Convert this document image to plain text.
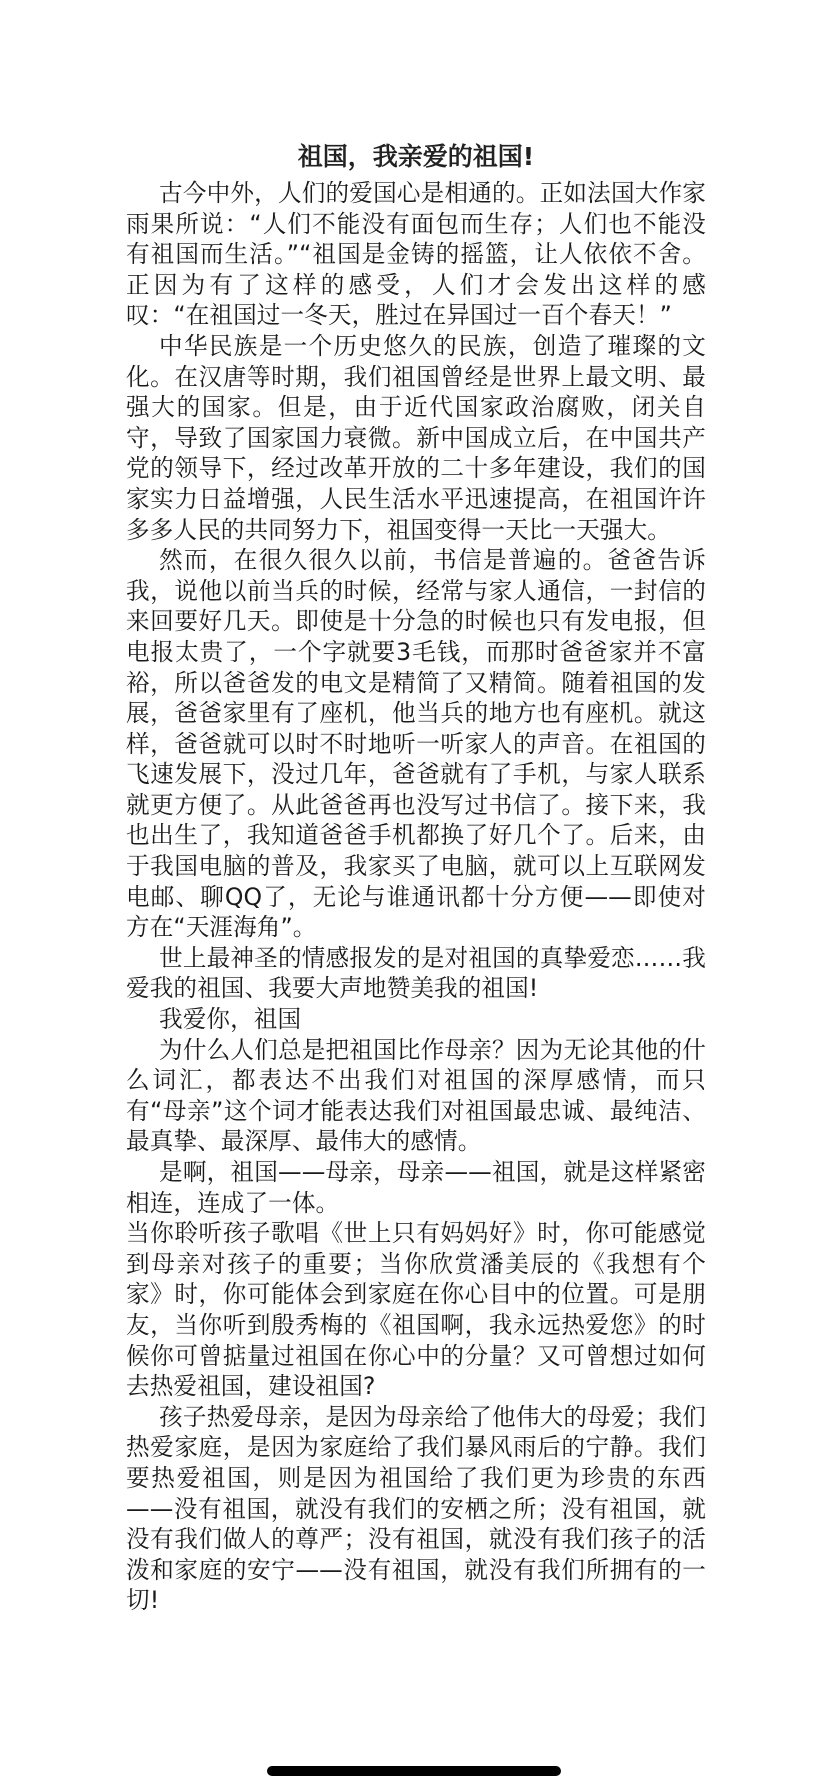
祖国，我亲爱的祖国!

古今中外，人们的爱国心是相通的。正如法国大作家雨果所说：“人们不能没有面包而生存；人们也不能没有祖国而生活。”“祖国是金铸的摇篮，让人依依不舍。正因为有了这样的感受，人们才会发出这样的感叹：“在祖国过一冬天，胜过在异国过一百个春天！”

中华民族是一个历史悠久的民族，创造了璀璨的文化。在汉唐等时期，我们祖国曾经是世界上最文明、最强大的国家。但是，由于近代国家政治腐败，闭关自守，导致了国家国力衰微。新中国成立后，在中国共产党的领导下，经过改革开放的二十多年建设，我们的国家实力日益增强，人民生活水平迅速提高，在祖国许许多多人民的共同努力下，祖国变得一天比一天强大。

然而，在很久很久以前，书信是普遍的。爸爸告诉我，说他以前当兵的时候，经常与家人通信，一封信的来回要好几天。即使是十分急的时候也只有发电报，但电报太贵了，一个字就要3毛钱，而那时爸爸家并不富裕，所以爸爸发的电文是精简了又精简。随着祖国的发展，爸爸家里有了座机，他当兵的地方也有座机。就这样，爸爸就可以时不时地听一听家人的声音。在祖国的飞速发展下，没过几年，爸爸就有了手机，与家人联系就更方便了。从此爸爸再也没写过书信了。接下来，我也出生了，我知道爸爸手机都换了好几个了。后来，由于我国电脑的普及，我家买了电脑，就可以上互联网发电邮、聊QQ了，无论与谁通讯都十分方便——即使对方在“天涯海角”。

世上最神圣的情感报发的是对祖国的真挚爱恋……我爱我的祖国、我要大声地赞美我的祖国!

我爱你，祖国

为什么人们总是把祖国比作母亲？因为无论其他的什么词汇，都表达不出我们对祖国的深厚感情，而只有“母亲”这个词才能表达我们对祖国最忠诚、最纯洁、最真挚、最深厚、最伟大的感情。

是啊，祖国——母亲，母亲——祖国，就是这样紧密相连，连成了一体。

当你聆听孩子歌唱《世上只有妈妈好》时，你可能感觉到母亲对孩子的重要；当你欣赏潘美辰的《我想有个家》时，你可能体会到家庭在你心目中的位置。可是朋友，当你听到殷秀梅的《祖国啊，我永远热爱您》的时候你可曾掂量过祖国在你心中的分量？又可曾想过如何去热爱祖国，建设祖国?

孩子热爱母亲，是因为母亲给了他伟大的母爱；我们热爱家庭，是因为家庭给了我们暴风雨后的宁静。我们要热爱祖国，则是因为祖国给了我们更为珍贵的东西——没有祖国，就没有我们的安栖之所；没有祖国，就没有我们做人的尊严；没有祖国，就没有我们孩子的活泼和家庭的安宁——没有祖国，就没有我们所拥有的一切!
